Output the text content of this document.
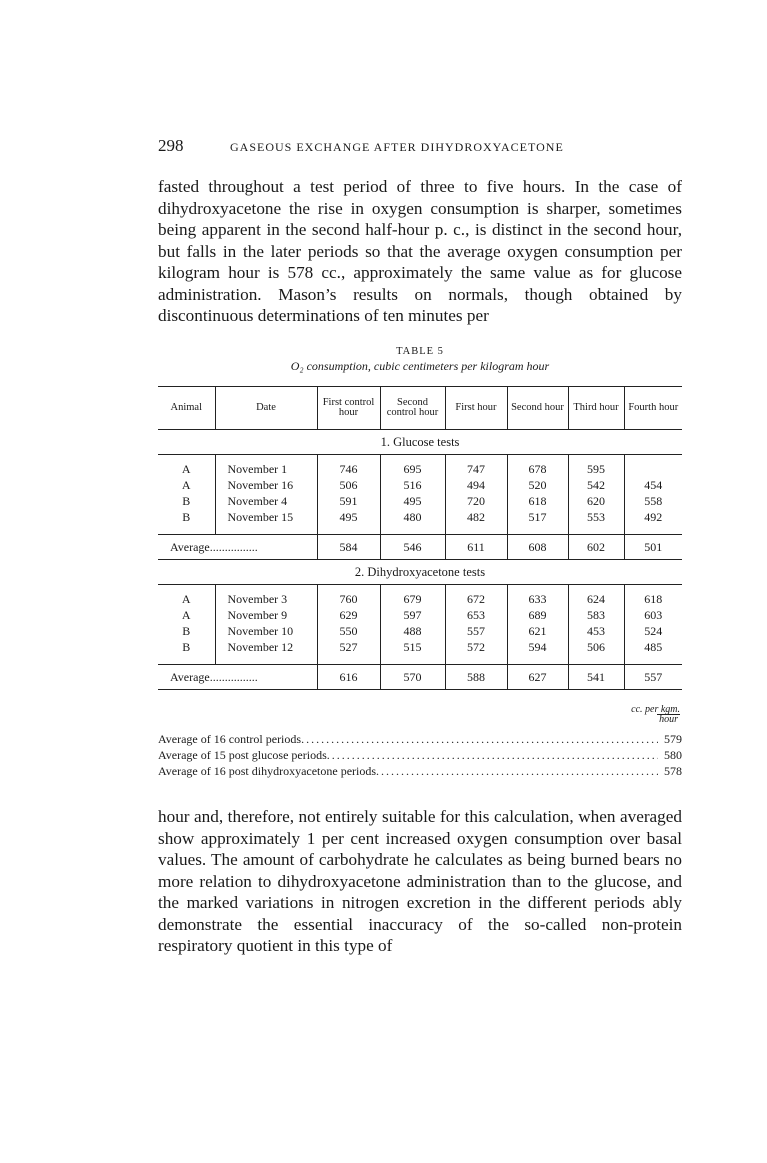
298	GASEOUS EXCHANGE AFTER DIHYDROXYACETONE

fasted throughout a test period of three to five hours. In the case of dihydroxyacetone the rise in oxygen consumption is sharper, sometimes being apparent in the second half-hour p. c., is distinct in the second hour, but falls in the later periods so that the average oxygen consumption per kilogram hour is 578 cc., approximately the same value as for glucose administration. Mason’s results on normals, though obtained by discontinuous determinations of ten minutes per

TABLE 5
O₂ consumption, cubic centimeters per kilogram hour
Animal	Date	First control hour	Second control hour	First hour	Second hour	Third hour	Fourth hour
1. Glucose tests							

A	November 1	746	695	747	678	595	
A	November 16	506	516	494	520	542	454
B	November 4	591	495	720	618	620	558
B	November 15	495	480	482	517	553	492

Average................		584	546	611	608	602	501
2. Dihydroxyacetone tests							

A	November 3	760	679	672	633	624	618
A	November 9	629	597	653	689	583	603
B	November 10	550	488	557	621	453	524
B	November 12	527	515	572	594	506	485

Average................		616	570	588	627	541	557
cc. per kgm.
hour
Average of 16 control periods .....	579
Average of 15 post glucose periods .....	580
Average of 16 post dihydroxyacetone periods .....	578

hour and, therefore, not entirely suitable for this calculation, when averaged show approximately 1 per cent increased oxygen consumption over basal values. The amount of carbohydrate he calculates as being burned bears no more relation to dihydroxyacetone administration than to the glucose, and the marked variations in nitrogen excretion in the different periods ably demonstrate the essential inaccuracy of the so-called non-protein respiratory quotient in this type of
